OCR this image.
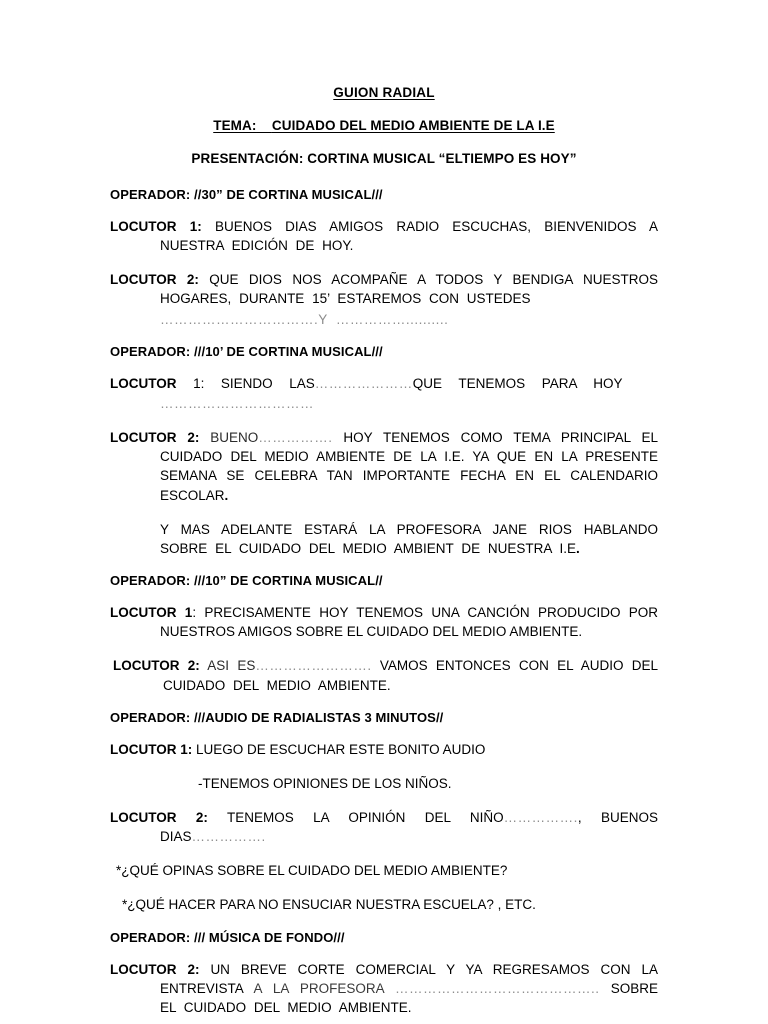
GUION RADIAL
TEMA: CUIDADO DEL MEDIO AMBIENTE DE LA I.E
PRESENTACIÓN: CORTINA MUSICAL “ELTIEMPO ES HOY”
OPERADOR: //30” DE CORTINA MUSICAL///

LOCUTOR 1: BUENOS DIAS AMIGOS RADIO ESCUCHAS, BIENVENIDOS A NUESTRA EDICIÓN DE HOY.

LOCUTOR 2: QUE DIOS NOS ACOMPAÑE A TODOS Y BENDIGA NUESTROS HOGARES, DURANTE 15’ ESTAREMOS CON USTEDES
…………………………….Y ……………..........

OPERADOR: ///10’ DE CORTINA MUSICAL///

LOCUTOR 1: SIENDO LAS…………………QUE TENEMOS PARA HOY
……………………………

LOCUTOR 2: BUENO……………. HOY TENEMOS COMO TEMA PRINCIPAL EL CUIDADO DEL MEDIO AMBIENTE DE LA I.E. YA QUE EN LA PRESENTE SEMANA SE CELEBRA TAN IMPORTANTE FECHA EN EL CALENDARIO ESCOLAR.

Y MAS ADELANTE ESTARÁ LA PROFESORA JANE RIOS HABLANDO SOBRE EL CUIDADO DEL MEDIO AMBIENT DE NUESTRA I.E.

OPERADOR: ///10” DE CORTINA MUSICAL//

LOCUTOR 1: PRECISAMENTE HOY TENEMOS UNA CANCIÓN PRODUCIDO POR NUESTROS AMIGOS SOBRE EL CUIDADO DEL MEDIO AMBIENTE.

LOCUTOR 2: ASI ES……………………. VAMOS ENTONCES CON EL AUDIO DEL CUIDADO DEL MEDIO AMBIENTE.

OPERADOR: ///AUDIO DE RADIALISTAS 3 MINUTOS//

LOCUTOR 1: LUEGO DE ESCUCHAR ESTE BONITO AUDIO

-TENEMOS OPINIONES DE LOS NIÑOS.

LOCUTOR 2: TENEMOS LA OPINIÓN DEL NIÑO……………., BUENOS DIAS…………….

*¿QUÉ OPINAS SOBRE EL CUIDADO DEL MEDIO AMBIENTE?

*¿QUÉ HACER PARA NO ENSUCIAR NUESTRA ESCUELA? , ETC.

OPERADOR: /// MÚSICA DE FONDO///

LOCUTOR 2: UN BREVE CORTE COMERCIAL Y YA REGRESAMOS CON LA ENTREVISTA A LA PROFESORA …………………………………….. SOBRE EL CUIDADO DEL MEDIO AMBIENTE.
